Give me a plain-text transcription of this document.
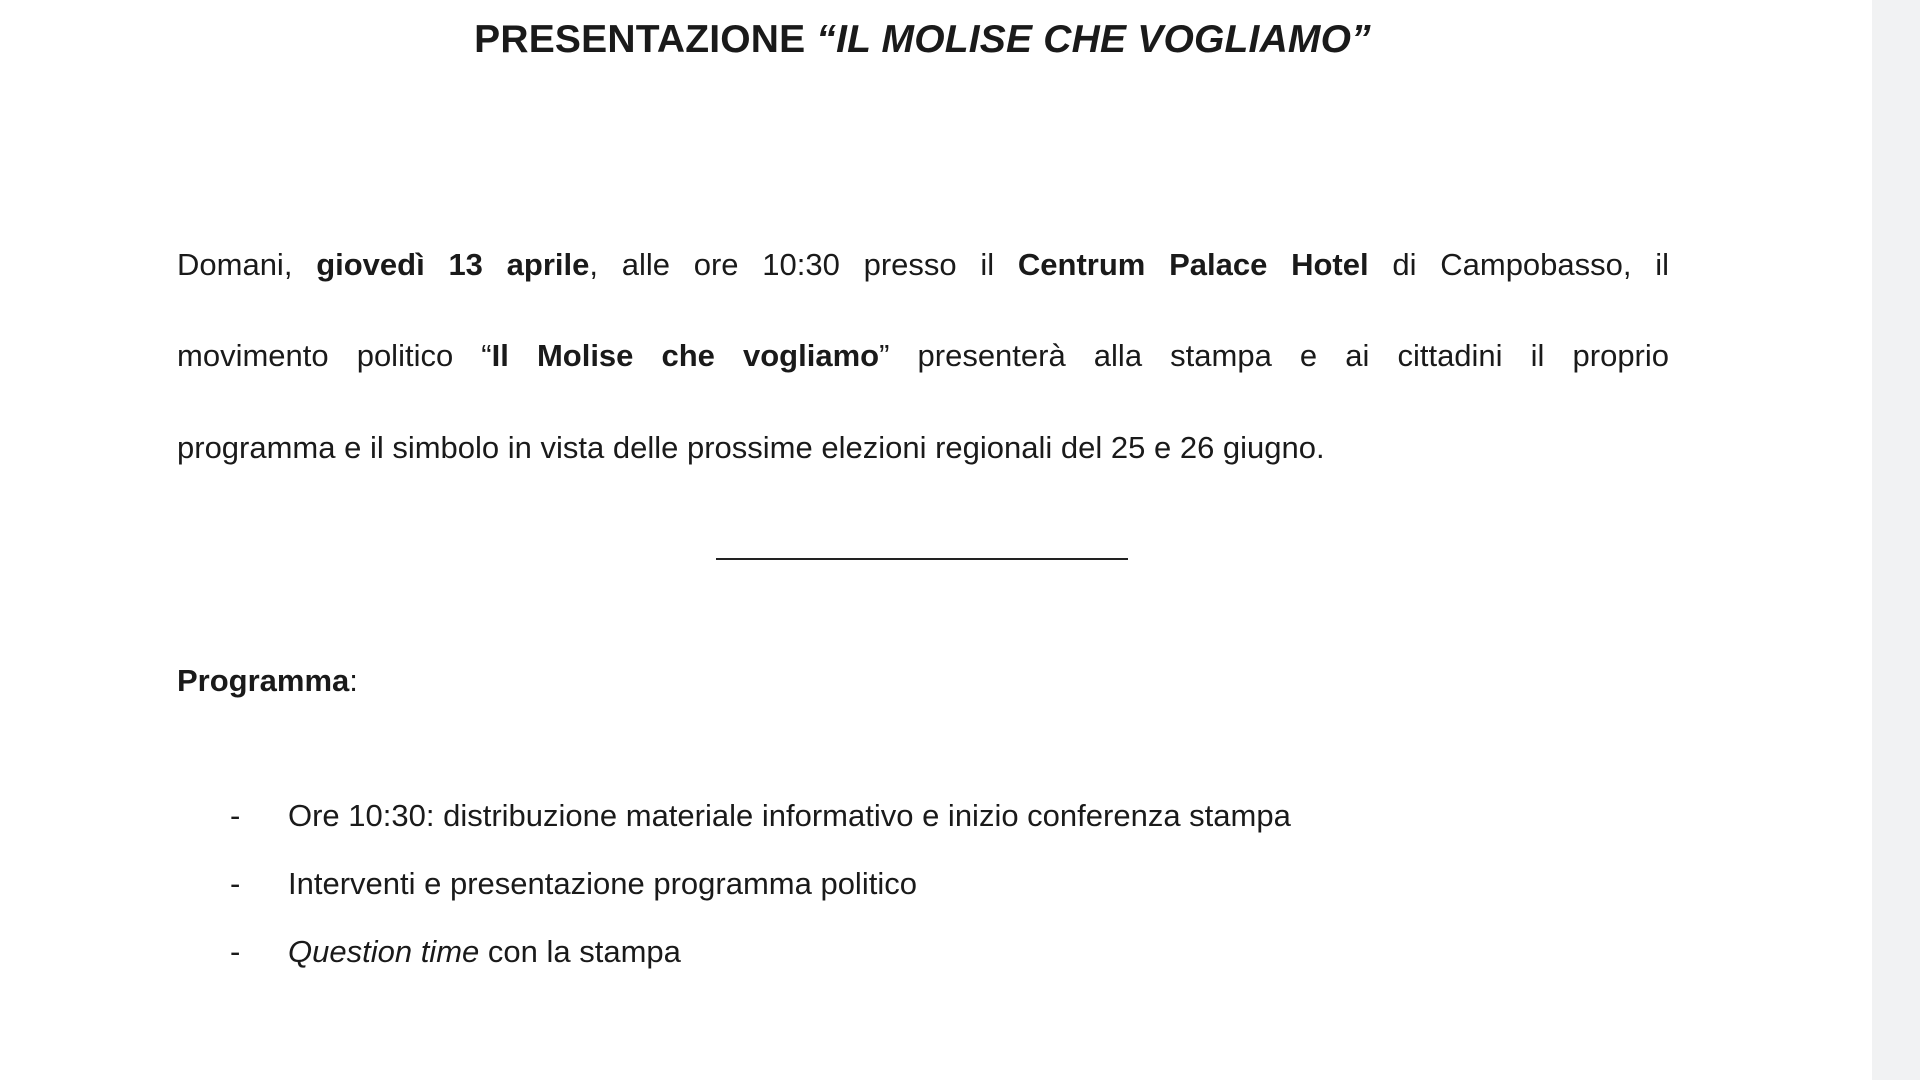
PRESENTAZIONE “IL MOLISE CHE VOGLIAMO”
Domani, giovedì 13 aprile, alle ore 10:30 presso il Centrum Palace Hotel di Campobasso, il
movimento politico “Il Molise che vogliamo” presenterà alla stampa e ai cittadini il proprio
programma e il simbolo in vista delle prossime elezioni regionali del 25 e 26 giugno.
Programma:
-	Ore 10:30: distribuzione materiale informativo e inizio conferenza stampa
-	Interventi e presentazione programma politico
-	Question time con la stampa
